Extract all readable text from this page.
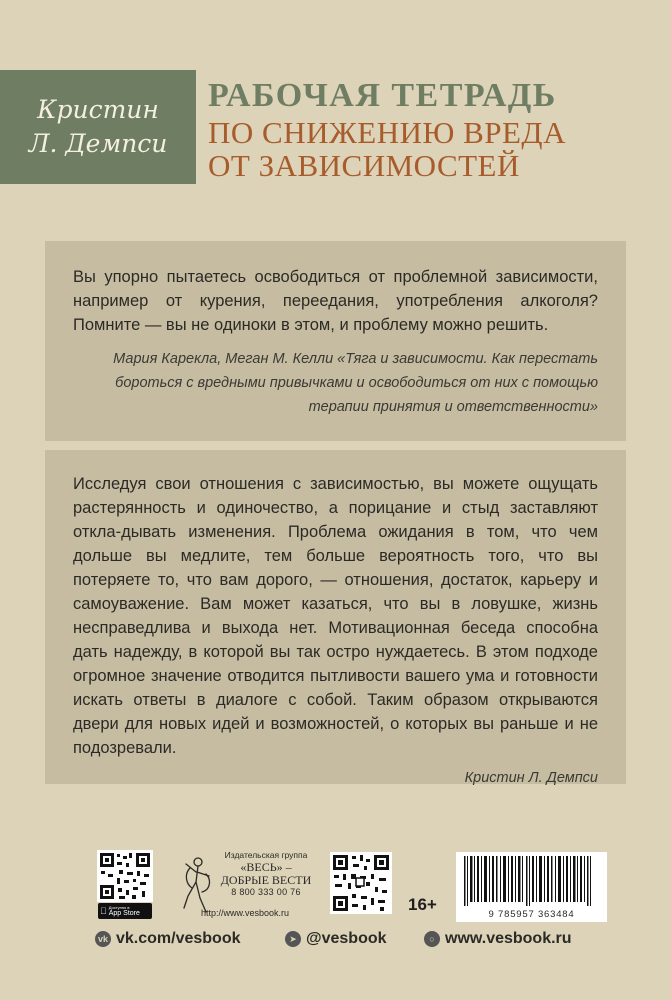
Кристин
Л. Демпси
РАБОЧАЯ ТЕТРАДЬ
ПО СНИЖЕНИЮ ВРЕДА
ОТ ЗАВИСИМОСТЕЙ

Вы упорно пытаетесь освободиться от проблемной зависимости, например от курения, переедания, употребления алкоголя? Помните — вы не одиноки в этом, и проблему можно решить.

Мария Карекла, Меган М. Келли «Тяга и зависимости. Как перестать
бороться с вредными привычками и освободиться от них с помощью
терапии принятия и ответственности»

Исследуя свои отношения с зависимостью, вы можете ощущать растерянность и одиночество, а порицание и стыд заставляют откла-дывать изменения. Проблема ожидания в том, что чем дольше вы медлите, тем больше вероятность того, что вы потеряете то, что вам дорого, — отношения, достаток, карьеру и самоуважение. Вам может казаться, что вы в ловушке, жизнь несправедлива и выхода нет. Мотивационная беседа способна дать надежду, в которой вы так остро нуждаетесь. В этом подходе огромное значение отводится пытливости вашего ума и готовности искать ответы в диалоге с собой. Таким образом открываются двери для новых идей и возможностей, о которых вы раньше и не подозревали.

Кристин Л. Демпси
Доступно в
App Store
Издательская группа
«ВЕСЬ» –
ДОБРЫЕ ВЕСТИ
8 800 333 00 76
http://www.vesbook.ru	16+
9 785957 363484
vk vk.com/vesbook	➤ @vesbook	○ www.vesbook.ru
